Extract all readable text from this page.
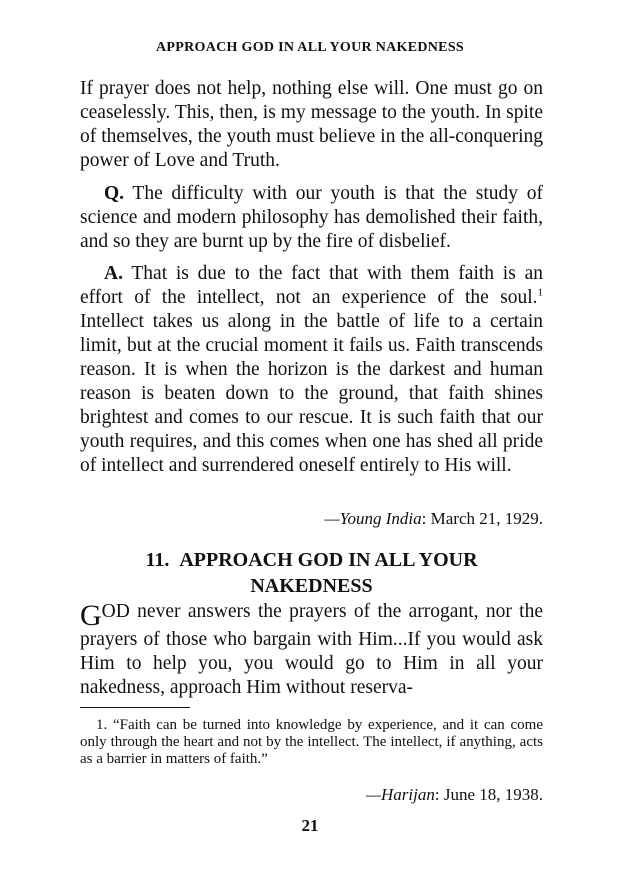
APPROACH GOD IN ALL YOUR NAKEDNESS

If prayer does not help, nothing else will. One must go on ceaselessly. This, then, is my message to the youth. In spite of themselves, the youth must believe in the all-conquering power of Love and Truth.

Q. The difficulty with our youth is that the study of science and modern philosophy has demolished their faith, and so they are burnt up by the fire of disbelief.

A. That is due to the fact that with them faith is an effort of the intellect, not an experience of the soul.$^1$ Intellect takes us along in the battle of life to a certain limit, but at the crucial moment it fails us. Faith transcends reason. It is when the horizon is the darkest and human reason is beaten down to the ground, that faith shines brightest and comes to our rescue. It is such faith that our youth requires, and this comes when one has shed all pride of intellect and surrendered oneself entirely to His will.

—Young India: March 21, 1929.
11. APPROACH GOD IN ALL YOUR
NAKEDNESS

GOD never answers the prayers of the arrogant, nor the prayers of those who bargain with Him...If you would ask Him to help you, you would go to Him in all your nakedness, approach Him without reserva-

1. “Faith can be turned into knowledge by experience, and it can come only through the heart and not by the intellect. The intellect, if anything, acts as a barrier in matters of faith.”
—Harijan: June 18, 1938.
21
